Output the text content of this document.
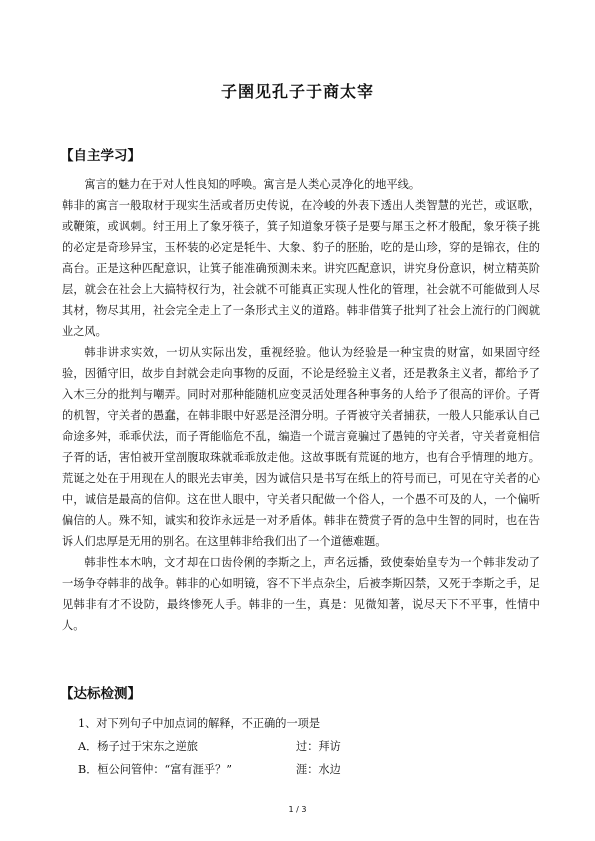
子圉见孔子于商太宰
【自主学习】

寓言的魅力在于对人性良知的呼唤。寓言是人类心灵净化的地平线。

韩非的寓言一般取材于现实生活或者历史传说，在冷峻的外表下透出人类智慧的光芒，或讴歌，或鞭策，或讽刺。纣王用上了象牙筷子，箕子知道象牙筷子是要与犀玉之杯才般配，象牙筷子挑的必定是奇珍异宝，玉杯装的必定是牦牛、大象、豹子的胚胎，吃的是山珍，穿的是锦衣，住的高台。正是这种匹配意识，让箕子能准确预测未来。讲究匹配意识，讲究身份意识，树立精英阶层，就会在社会上大搞特权行为，社会就不可能真正实现人性化的管理，社会就不可能做到人尽其材，物尽其用，社会完全走上了一条形式主义的道路。韩非借箕子批判了社会上流行的门阀就业之风。

韩非讲求实效，一切从实际出发，重视经验。他认为经验是一种宝贵的财富，如果固守经验，因循守旧，故步自封就会走向事物的反面，不论是经验主义者，还是教条主义者，都给予了入木三分的批判与嘲弄。同时对那种能随机应变灵活处理各种事务的人给予了很高的评价。子胥的机智，守关者的愚蠢，在韩非眼中好恶是泾渭分明。子胥被守关者捕获，一般人只能承认自己命途多舛，乖乖伏法，而子胥能临危不乱，编造一个谎言竟骗过了愚钝的守关者，守关者竟相信子胥的话，害怕被开堂剖腹取珠就乖乖放走他。这故事既有荒诞的地方，也有合乎情理的地方。荒诞之处在于用现在人的眼光去审美，因为诚信只是书写在纸上的符号而已，可见在守关者的心中，诚信是最高的信仰。这在世人眼中，守关者只配做一个俗人，一个愚不可及的人，一个偏听偏信的人。殊不知，诚实和狡诈永远是一对矛盾体。韩非在赞赏子胥的急中生智的同时，也在告诉人们忠厚是无用的别名。在这里韩非给我们出了一个道德难题。

韩非性本木呐，文才却在口齿伶俐的李斯之上，声名远播，致使秦始皇专为一个韩非发动了一场争夺韩非的战争。韩非的心如明镜，容不下半点杂尘，后被李斯囚禁，又死于李斯之手，足见韩非有才不设防，最终惨死人手。韩非的一生，真是：见微知著，说尽天下不平事，性情中人。

【达标检测】

1、对下列句子中加点词的解释，不正确的一项是

A．杨子过于宋东之逆旅	过：拜访
B．桓公问管仲：“富有涯乎？”	涯：水边
1 / 3
